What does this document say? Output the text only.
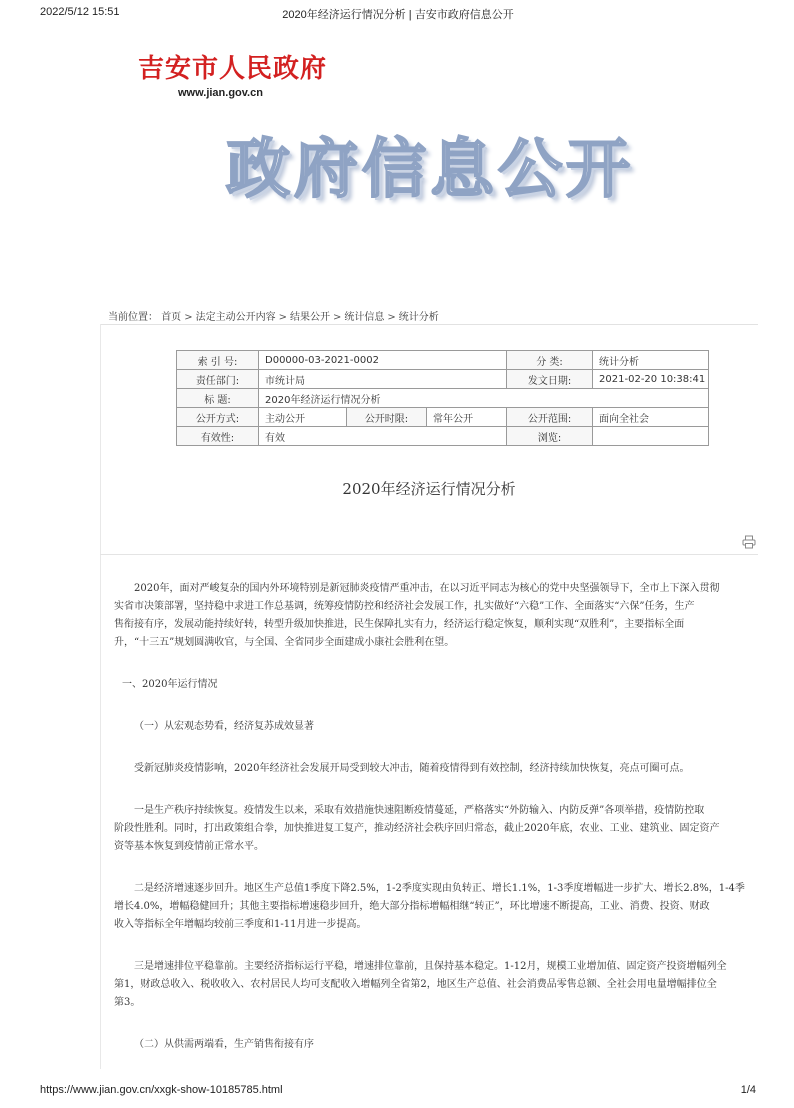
2022/5/12 15:51	2020年经济运行情况分析 | 吉安市政府信息公开
吉安市人民政府
www.jian.gov.cn
政府信息公开
当前位置： 首页 > 法定主动公开内容 > 结果公开 > 统计信息 > 统计分析
索 引 号:	D00000-03-2021-0002			分 类:	统计分析
责任部门:	市统计局			发文日期:	2021-02-20 10:38:41
标 题:	2020年经济运行情况分析				
公开方式:	主动公开	公开时限:	常年公开	公开范围:	面向全社会
有效性:	有效			浏览:	
2020年经济运行情况分析

2020年，面对严峻复杂的国内外环境特别是新冠肺炎疫情严重冲击，在以习近平同志为核心的党中央坚强领导下，全市上下深入贯彻

实省市决策部署，坚持稳中求进工作总基调，统筹疫情防控和经济社会发展工作，扎实做好“六稳”工作、全面落实“六保”任务，生产

售衔接有序，发展动能持续好转，转型升级加快推进，民生保障扎实有力，经济运行稳定恢复，顺利实现“双胜利”，主要指标全面

升，“十三五”规划圆满收官，与全国、全省同步全面建成小康社会胜利在望。

一、2020年运行情况

（一）从宏观态势看，经济复苏成效显著

受新冠肺炎疫情影响，2020年经济社会发展开局受到较大冲击，随着疫情得到有效控制，经济持续加快恢复，亮点可圈可点。

一是生产秩序持续恢复。疫情发生以来，采取有效措施快速阻断疫情蔓延，严格落实“外防输入、内防反弹”各项举措，疫情防控取

阶段性胜利。同时，打出政策组合拳，加快推进复工复产，推动经济社会秩序回归常态，截止2020年底，农业、工业、建筑业、固定资产

资等基本恢复到疫情前正常水平。

二是经济增速逐步回升。地区生产总值1季度下降2.5%，1-2季度实现由负转正、增长1.1%，1-3季度增幅进一步扩大、增长2.8%，1-4季

增长4.0%，增幅稳健回升；其他主要指标增速稳步回升，绝大部分指标增幅相继“转正”，环比增速不断提高，工业、消费、投资、财政

收入等指标全年增幅均较前三季度和1-11月进一步提高。

三是增速排位平稳靠前。主要经济指标运行平稳，增速排位靠前，且保持基本稳定。1-12月，规模工业增加值、固定资产投资增幅列全

第1，财政总收入、税收收入、农村居民人均可支配收入增幅列全省第2，地区生产总值、社会消费品零售总额、全社会用电量增幅排位全

第3。

（二）从供需两端看，生产销售衔接有序

https://www.jian.gov.cn/xxgk-show-10185785.html	1/4
